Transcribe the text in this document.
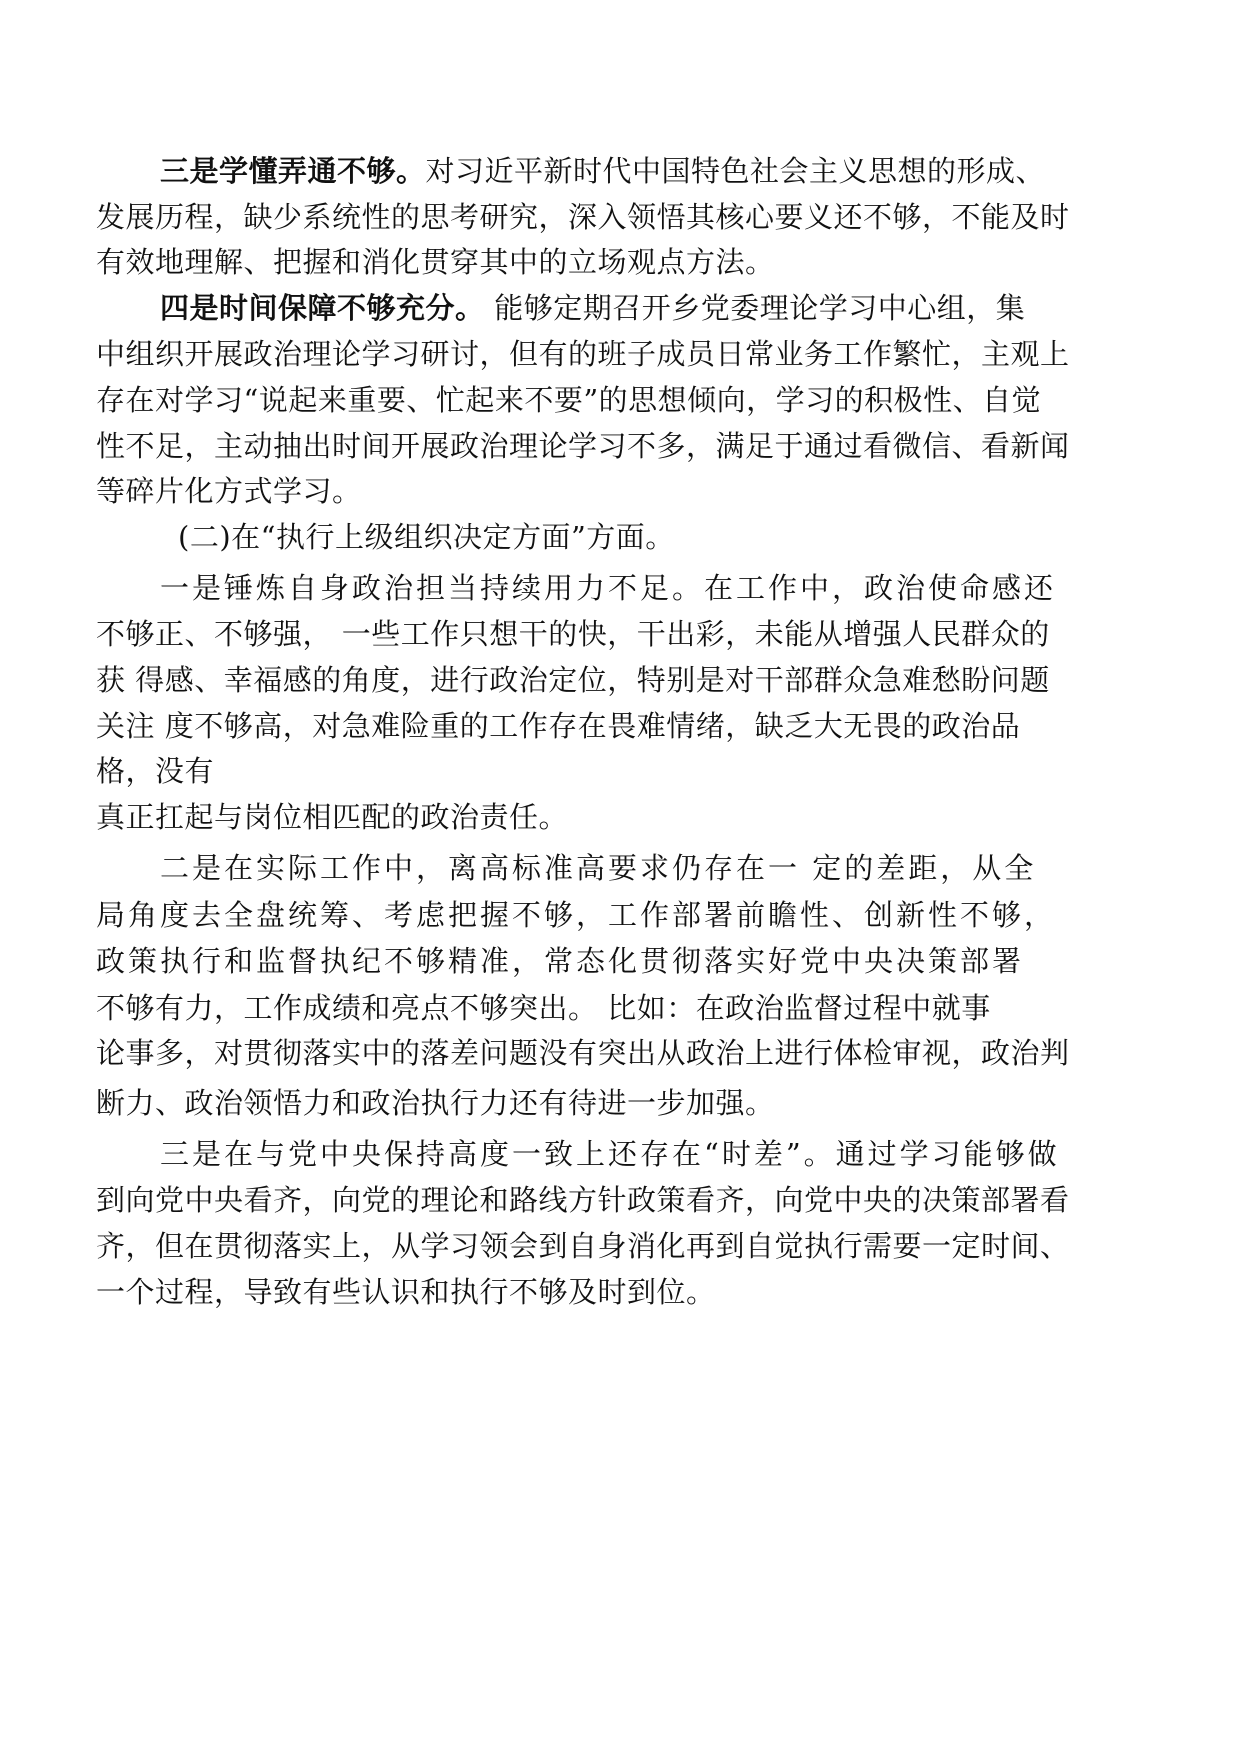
三是学懂弄通不够。对习近平新时代中国特色社会主义思想的形成、
发展历程，缺少系统性的思考研究，深入领悟其核心要义还不够，不能及时
有效地理解、把握和消化贯穿其中的立场观点方法。
四是时间保障不够充分。 能够定期召开乡党委理论学习中心组，集
中组织开展政治理论学习研讨，但有的班子成员日常业务工作繁忙，主观上
存在对学习“说起来重要、忙起来不要”的思想倾向，学习的积极性、自觉
性不足，主动抽出时间开展政治理论学习不多，满足于通过看微信、看新闻
等碎片化方式学习。
(二)在“执行上级组织决定方面”方面。
一是锤炼自身政治担当持续用力不足。在工作中，政治使命感还
不够正、不够强， 一些工作只想干的快，干出彩，未能从增强人民群众的
获 得感、幸福感的角度，进行政治定位，特别是对干部群众急难愁盼问题
关注 度不够高，对急难险重的工作存在畏难情绪，缺乏大无畏的政治品
格，没有
真正扛起与岗位相匹配的政治责任。
二是在实际工作中，离高标准高要求仍存在一 定的差距，从全
局角度去全盘统筹、考虑把握不够，工作部署前瞻性、创新性不够，
政策执行和监督执纪不够精准，常态化贯彻落实好党中央决策部署
不够有力，工作成绩和亮点不够突出。 比如：在政治监督过程中就事
论事多，对贯彻落实中的落差问题没有突出从政治上进行体检审视，政治判
断力、政治领悟力和政治执行力还有待进一步加强。
三是在与党中央保持高度一致上还存在“时差”。通过学习能够做
到向党中央看齐，向党的理论和路线方针政策看齐，向党中央的决策部署看
齐，但在贯彻落实上，从学习领会到自身消化再到自觉执行需要一定时间、
一个过程，导致有些认识和执行不够及时到位。
